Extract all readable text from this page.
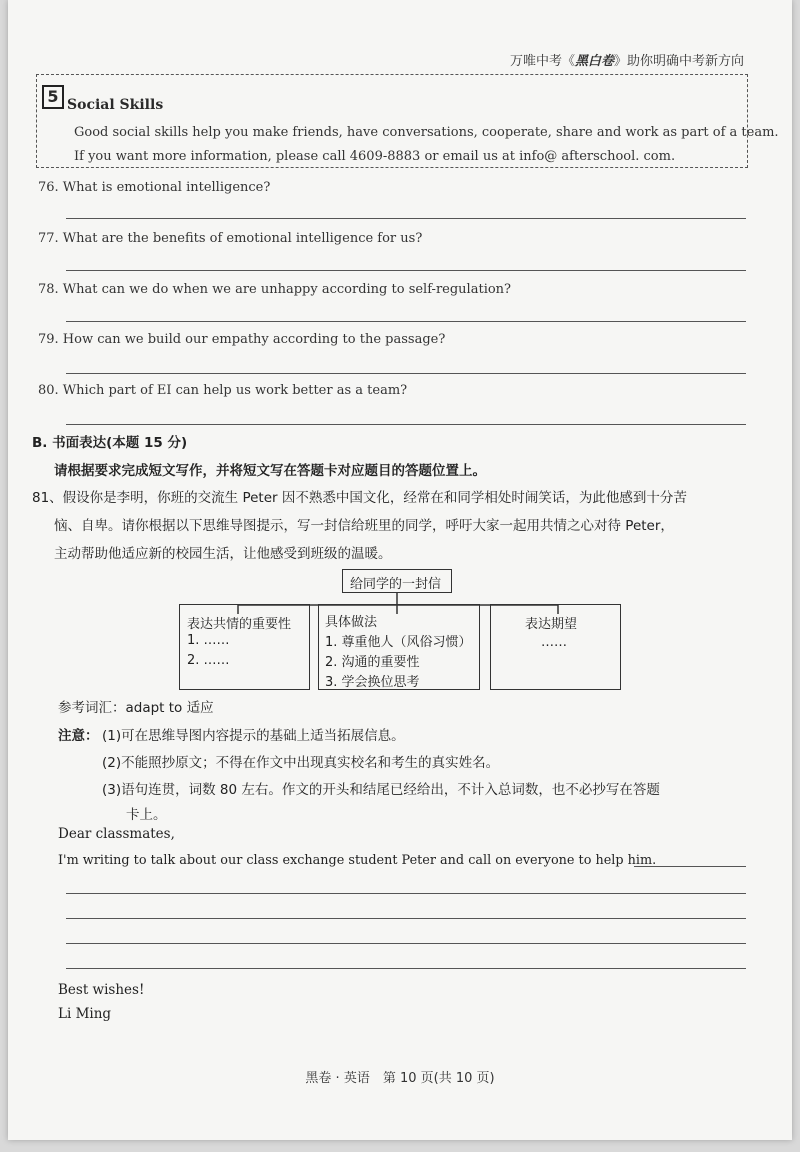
万唯中考《黑白卷》助你明确中考新方向
5 Social Skills
Good social skills help you make friends, have conversations, cooperate, share and work as part of a team.
If you want more information, please call 4609-8883 or email us at info@ afterschool. com.
76. What is emotional intelligence?
77. What are the benefits of emotional intelligence for us?
78. What can we do when we are unhappy according to self-regulation?
79. How can we build our empathy according to the passage?
80. Which part of EI can help us work better as a team?
B. 书面表达(本题 15 分)
请根据要求完成短文写作，并将短文写在答题卡对应题目的答题位置上。
81、假设你是李明，你班的交流生 Peter 因不熟悉中国文化，经常在和同学相处时闹笑话，为此他感到十分苦
恼、自卑。请你根据以下思维导图提示，写一封信给班里的同学，呼吁大家一起用共情之心对待 Peter，
主动帮助他适应新的校园生活，让他感受到班级的温暖。
给同学的一封信
表达共情的重要性
1. ……
2. ……
具体做法
1. 尊重他人（风俗习惯）
2. 沟通的重要性
3. 学会换位思考
表达期望
……
参考词汇：adapt to 适应
注意： (1)可在思维导图内容提示的基础上适当拓展信息。
(2)不能照抄原文；不得在作文中出现真实校名和考生的真实姓名。
(3)语句连贯，词数 80 左右。作文的开头和结尾已经给出，不计入总词数，也不必抄写在答题
卡上。
Dear classmates,
I'm writing to talk about our class exchange student Peter and call on everyone to help him.
Best wishes!
Li Ming
黑卷 · 英语　第 10 页(共 10 页)
